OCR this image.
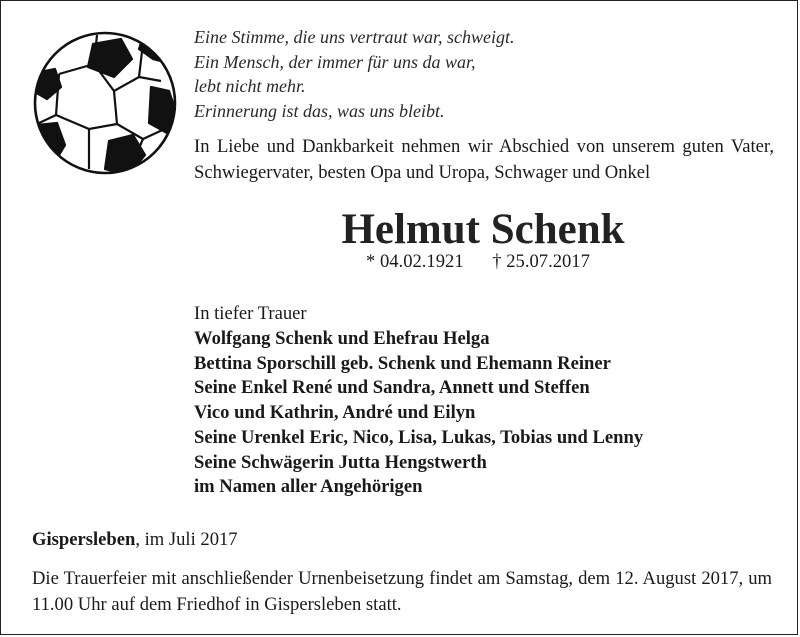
Eine Stimme, die uns vertraut war, schweigt.
Ein Mensch, der immer für uns da war,
lebt nicht mehr.
Erinnerung ist das, was uns bleibt.

In Liebe und Dankbarkeit nehmen wir Abschied von unserem guten Vater, Schwiegervater, besten Opa und Uropa, Schwager und Onkel

Helmut Schenk
* 04.02.1921 † 25.07.2017
In tiefer Trauer
Wolfgang Schenk und Ehefrau Helga
Bettina Sporschill geb. Schenk und Ehemann Reiner
Seine Enkel René und Sandra, Annett und Steffen
Vico und Kathrin, André und Eilyn
Seine Urenkel Eric, Nico, Lisa, Lukas, Tobias und Lenny
Seine Schwägerin Jutta Hengstwerth
im Namen aller Angehörigen
Gispersleben, im Juli 2017

Die Trauerfeier mit anschließender Urnenbeisetzung findet am Samstag, dem 12. August 2017, um 11.00 Uhr auf dem Friedhof in Gispersleben statt.
